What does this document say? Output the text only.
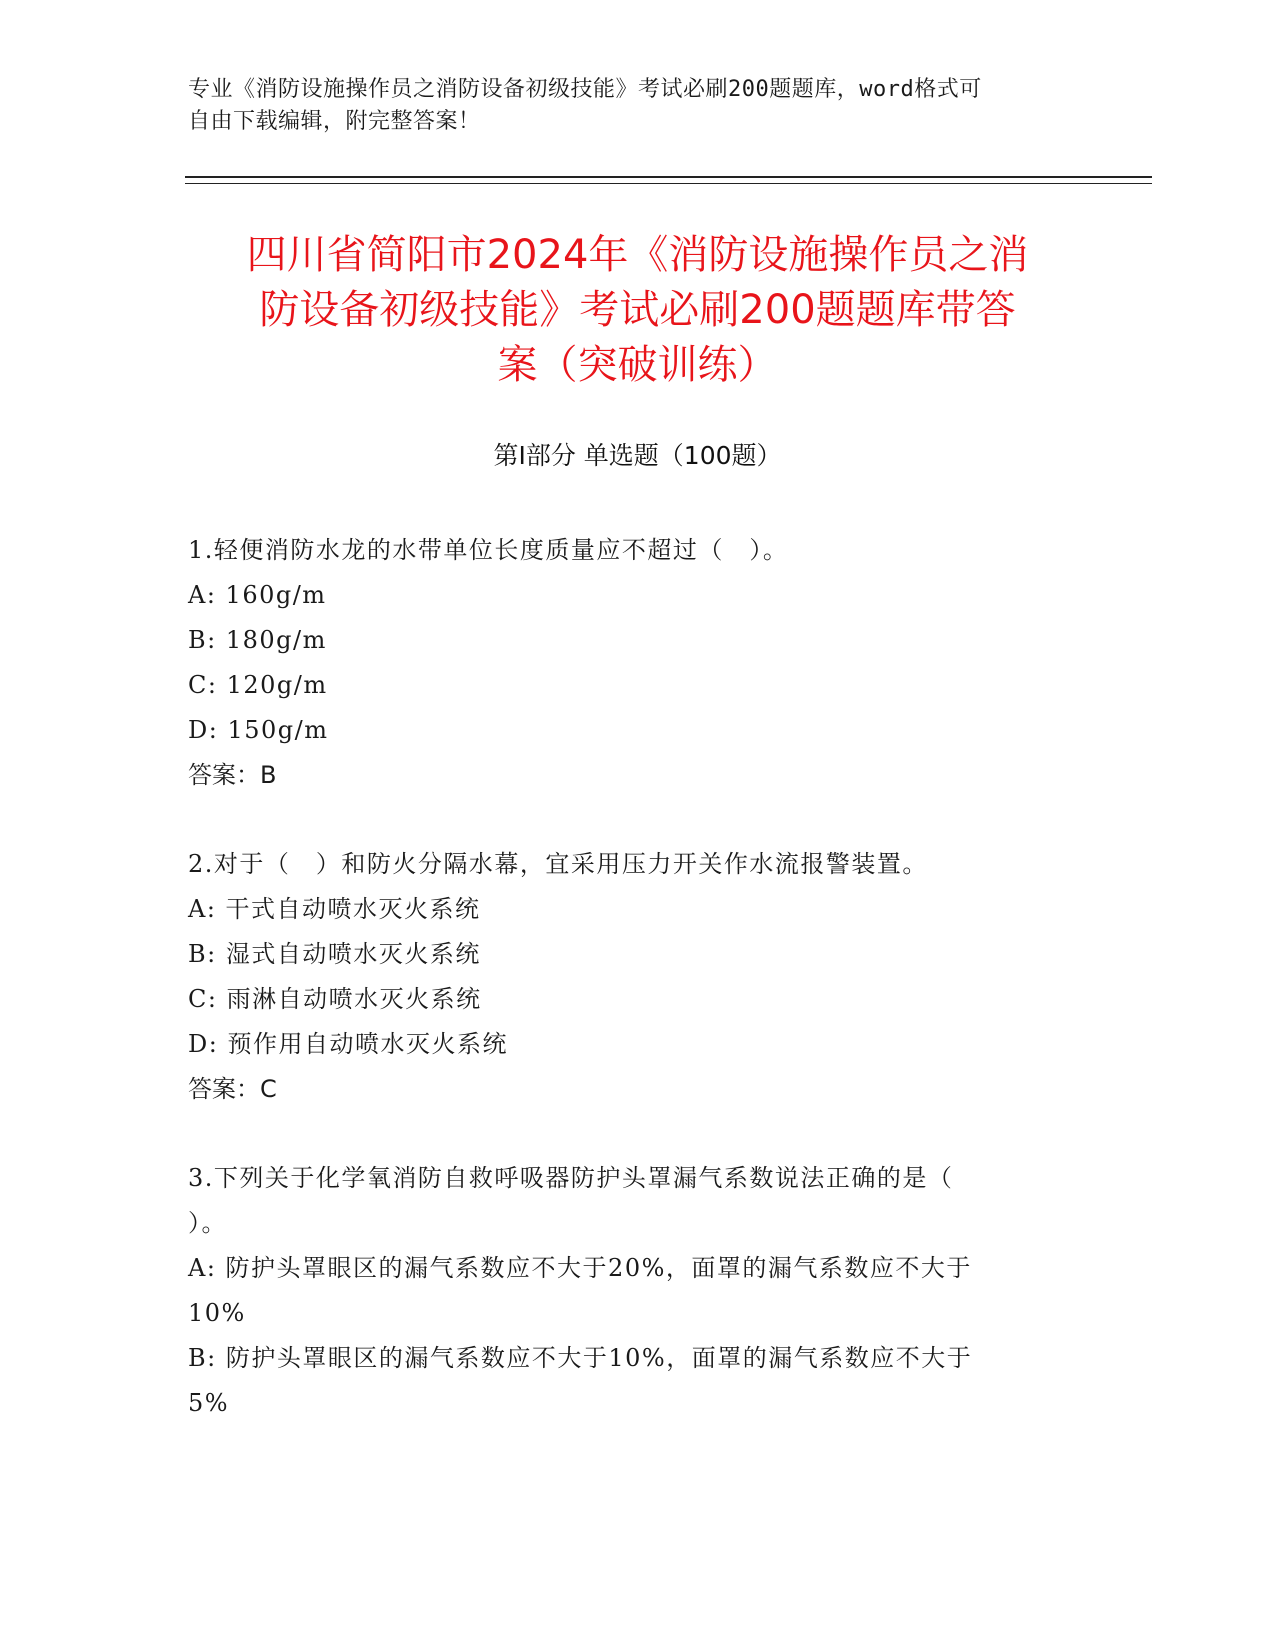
专业《消防设施操作员之消防设备初级技能》考试必刷200题题库，word格式可
自由下载编辑，附完整答案！
四川省简阳市2024年《消防设施操作员之消
防设备初级技能》考试必刷200题题库带答
案（突破训练）
第Ⅰ部分 单选题（100题）
1.轻便消防水龙的水带单位长度质量应不超过（　）。
A: 160g/m
B: 180g/m
C: 120g/m
D: 150g/m
答案：B
2.对于（　）和防火分隔水幕，宜采用压力开关作水流报警装置。
A: 干式自动喷水灭火系统
B: 湿式自动喷水灭火系统
C: 雨淋自动喷水灭火系统
D: 预作用自动喷水灭火系统
答案：C
3.下列关于化学氧消防自救呼吸器防护头罩漏气系数说法正确的是（
）。
A: 防护头罩眼区的漏气系数应不大于20%，面罩的漏气系数应不大于
10%
B: 防护头罩眼区的漏气系数应不大于10%，面罩的漏气系数应不大于
5%
